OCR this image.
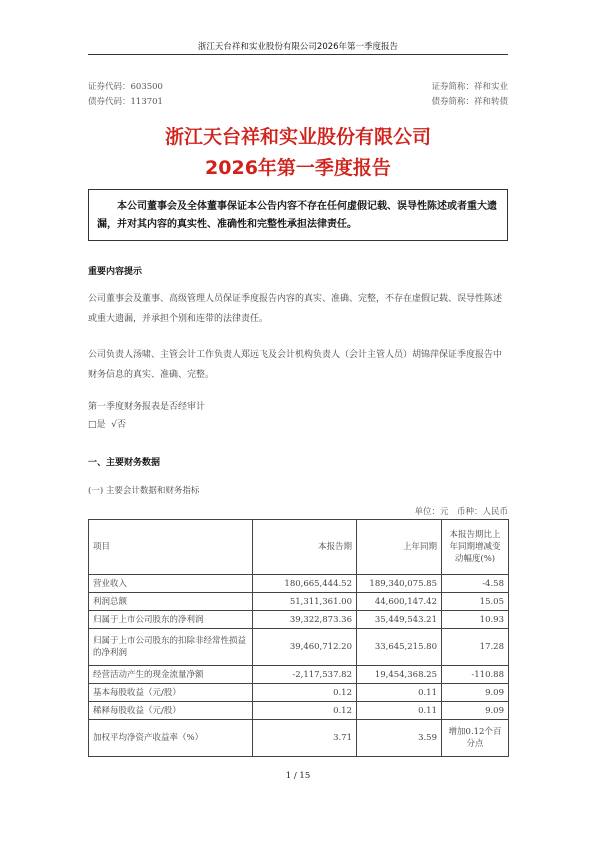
浙江天台祥和实业股份有限公司2026年第一季度报告
证券代码：603500	证券简称：祥和实业
债券代码：113701	债券简称：祥和转债
浙江天台祥和实业股份有限公司
2026年第一季度报告
本公司董事会及全体董事保证本公告内容不存在任何虚假记载、误导性陈述或者重大遗漏，并对其内容的真实性、准确性和完整性承担法律责任。
重要内容提示
公司董事会及董事、高级管理人员保证季度报告内容的真实、准确、完整，不存在虚假记载、误导性陈述或重大遗漏，并承担个别和连带的法律责任。
公司负责人汤啸、主管会计工作负责人郑远飞及会计机构负责人（会计主管人员）胡锦萍保证季度报告中财务信息的真实、准确、完整。
第一季度财务报表是否经审计
□是 √否
一、主要财务数据
(一) 主要会计数据和财务指标
单位：元　币种：人民币
项目	本报告期	上年同期	本报告期比上年同期增减变动幅度(%)
营业收入	180,665,444.52	189,340,075.85	-4.58
利润总额	51,311,361.00	44,600,147.42	15.05
归属于上市公司股东的净利润	39,322,873.36	35,449,543.21	10.93
归属于上市公司股东的扣除非经常性损益的净利润	39,460,712.20	33,645,215.80	17.28
经营活动产生的现金流量净额	-2,117,537.82	19,454,368.25	-110.88
基本每股收益（元/股）	0.12	0.11	9.09
稀释每股收益（元/股）	0.12	0.11	9.09
加权平均净资产收益率（%）	3.71	3.59	增加0.12个百分点
1 / 15
